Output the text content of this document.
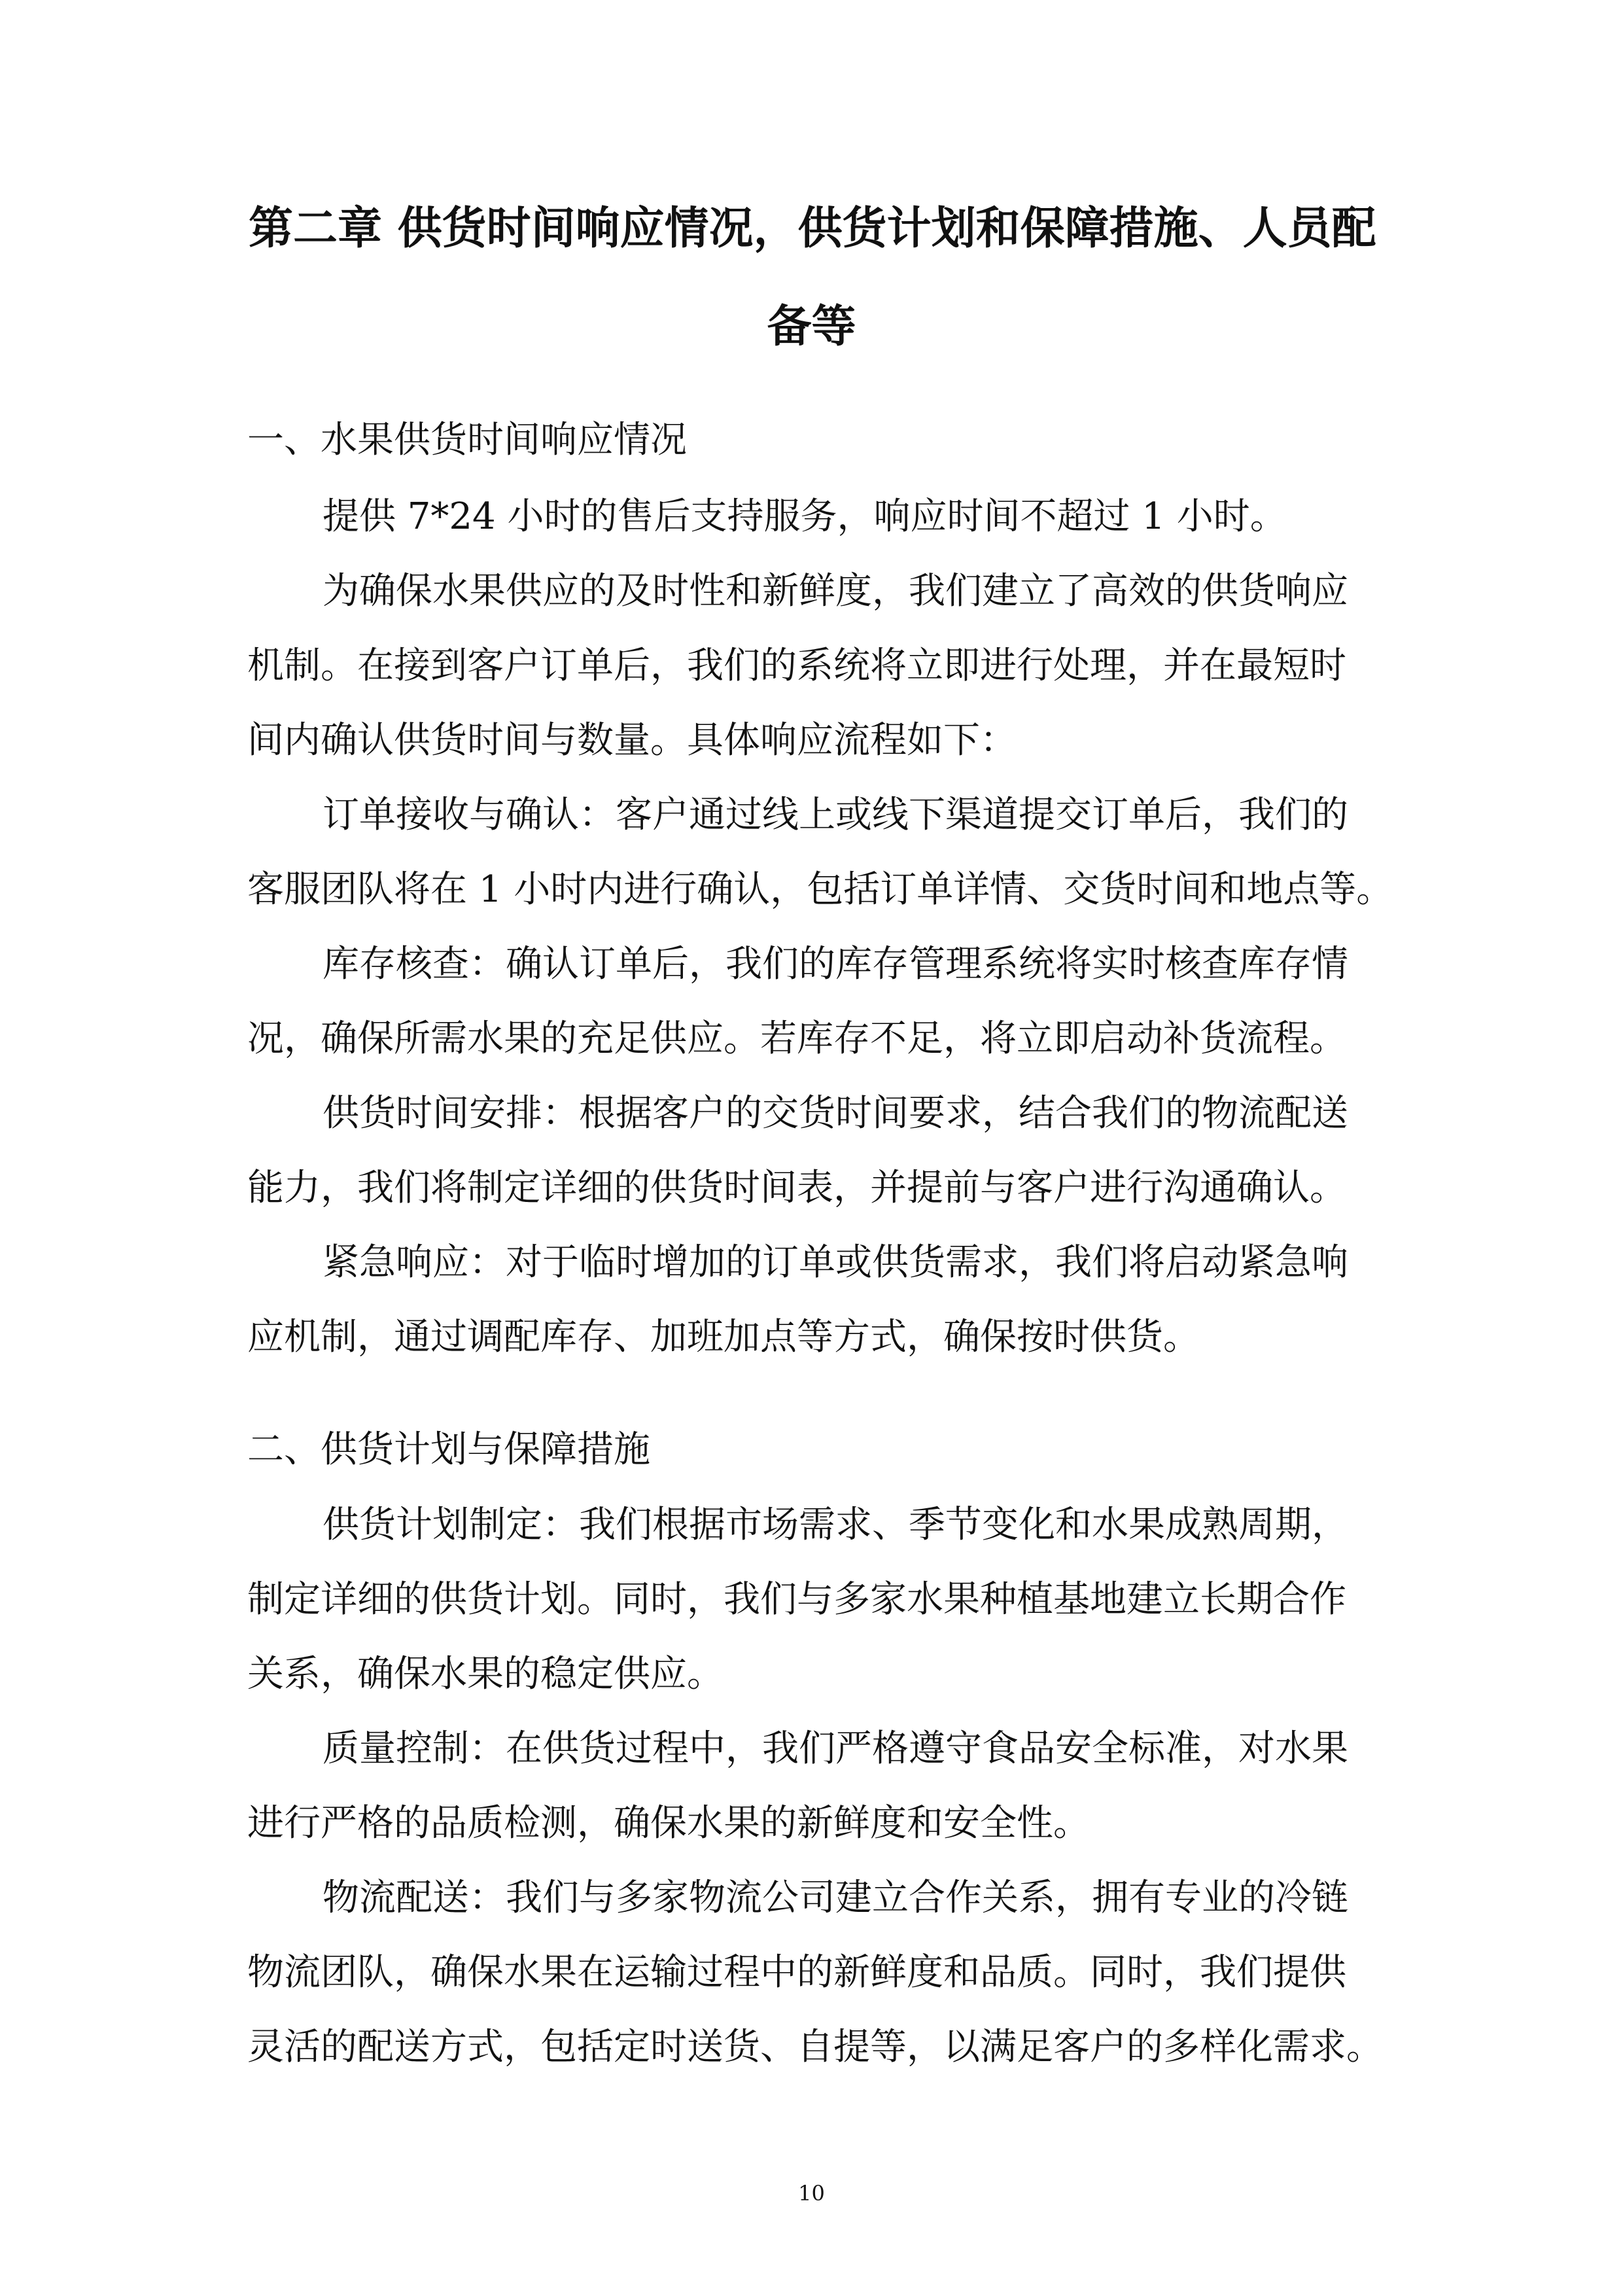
第二章 供货时间响应情况，供货计划和保障措施、人员配
备等
一、水果供货时间响应情况
提供 7*24 小时的售后支持服务，响应时间不超过 1 小时。
为确保水果供应的及时性和新鲜度，我们建立了高效的供货响应
机制。在接到客户订单后，我们的系统将立即进行处理，并在最短时
间内确认供货时间与数量。具体响应流程如下：
订单接收与确认：客户通过线上或线下渠道提交订单后，我们的
客服团队将在 1 小时内进行确认，包括订单详情、交货时间和地点等。
库存核查：确认订单后，我们的库存管理系统将实时核查库存情
况，确保所需水果的充足供应。若库存不足，将立即启动补货流程。
供货时间安排：根据客户的交货时间要求，结合我们的物流配送
能力，我们将制定详细的供货时间表，并提前与客户进行沟通确认。
紧急响应：对于临时增加的订单或供货需求，我们将启动紧急响
应机制，通过调配库存、加班加点等方式，确保按时供货。
二、供货计划与保障措施
供货计划制定：我们根据市场需求、季节变化和水果成熟周期，
制定详细的供货计划。同时，我们与多家水果种植基地建立长期合作
关系，确保水果的稳定供应。
质量控制：在供货过程中，我们严格遵守食品安全标准，对水果
进行严格的品质检测，确保水果的新鲜度和安全性。
物流配送：我们与多家物流公司建立合作关系，拥有专业的冷链
物流团队，确保水果在运输过程中的新鲜度和品质。同时，我们提供
灵活的配送方式，包括定时送货、自提等，以满足客户的多样化需求。
10
